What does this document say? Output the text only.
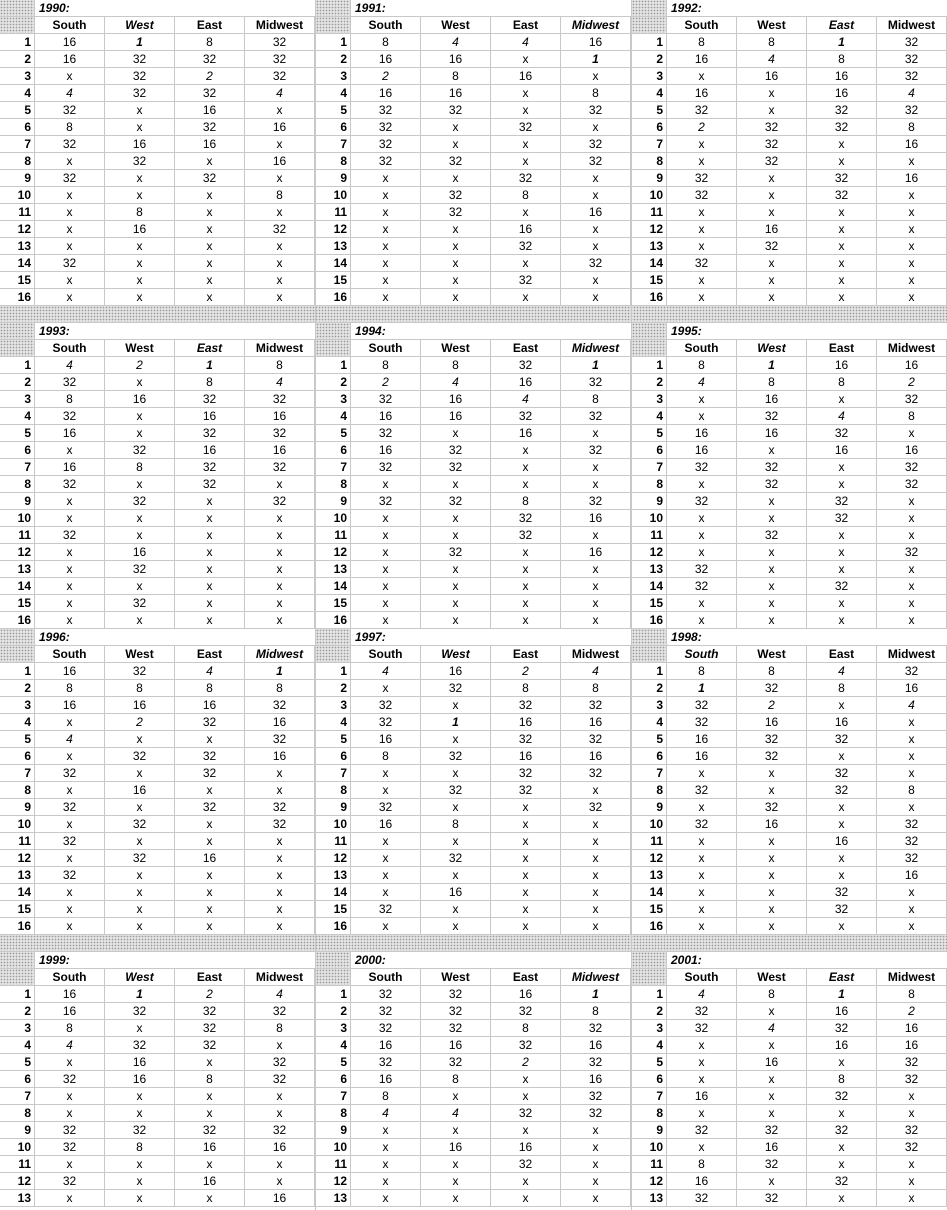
1990:
South	West	East	Midwest
1	16	1	8	32
2	16	32	32	32
3	x	32	2	32
4	4	32	32	4
5	32	x	16	x
6	8	x	32	16
7	32	16	16	x
8	x	32	x	16
9	32	x	32	x
10	x	x	x	8
11	x	8	x	x
12	x	16	x	32
13	x	x	x	x
14	32	x	x	x
15	x	x	x	x
16	x	x	x	x
1991:
South	West	East	Midwest
1	8	4	4	16
2	16	16	x	1
3	2	8	16	x
4	16	16	x	8
5	32	32	x	32
6	32	x	32	x
7	32	x	x	32
8	32	32	x	32
9	x	x	32	x
10	x	32	8	x
11	x	32	x	16
12	x	x	16	x
13	x	x	32	x
14	x	x	x	32
15	x	x	32	x
16	x	x	x	x
1992:
South	West	East	Midwest
1	8	8	1	32
2	16	4	8	32
3	x	16	16	32
4	16	x	16	4
5	32	x	32	32
6	2	32	32	8
7	x	32	x	16
8	x	32	x	x
9	32	x	32	16
10	32	x	32	x
11	x	x	x	x
12	x	16	x	x
13	x	32	x	x
14	32	x	x	x
15	x	x	x	x
16	x	x	x	x
1993:
South	West	East	Midwest
1	4	2	1	8
2	32	x	8	4
3	8	16	32	32
4	32	x	16	16
5	16	x	32	32
6	x	32	16	16
7	16	8	32	32
8	32	x	32	x
9	x	32	x	32
10	x	x	x	x
11	32	x	x	x
12	x	16	x	x
13	x	32	x	x
14	x	x	x	x
15	x	32	x	x
16	x	x	x	x
1994:
South	West	East	Midwest
1	8	8	32	1
2	2	4	16	32
3	32	16	4	8
4	16	16	32	32
5	32	x	16	x
6	16	32	x	32
7	32	32	x	x
8	x	x	x	x
9	32	32	8	32
10	x	x	32	16
11	x	x	32	x
12	x	32	x	16
13	x	x	x	x
14	x	x	x	x
15	x	x	x	x
16	x	x	x	x
1995:
South	West	East	Midwest
1	8	1	16	16
2	4	8	8	2
3	x	16	x	32
4	x	32	4	8
5	16	16	32	x
6	16	x	16	16
7	32	32	x	32
8	x	32	x	32
9	32	x	32	x
10	x	x	32	x
11	x	32	x	x
12	x	x	x	32
13	32	x	x	x
14	32	x	32	x
15	x	x	x	x
16	x	x	x	x
1996:
South	West	East	Midwest
1	16	32	4	1
2	8	8	8	8
3	16	16	16	32
4	x	2	32	16
5	4	x	x	32
6	x	32	32	16
7	32	x	32	x
8	x	16	x	x
9	32	x	32	32
10	x	32	x	32
11	32	x	x	x
12	x	32	16	x
13	32	x	x	x
14	x	x	x	x
15	x	x	x	x
16	x	x	x	x
1997:
South	West	East	Midwest
1	4	16	2	4
2	x	32	8	8
3	32	x	32	32
4	32	1	16	16
5	16	x	32	32
6	8	32	16	16
7	x	x	32	32
8	x	32	32	x
9	32	x	x	32
10	16	8	x	x
11	x	x	x	x
12	x	32	x	x
13	x	x	x	x
14	x	16	x	x
15	32	x	x	x
16	x	x	x	x
1998:
South	West	East	Midwest
1	8	8	4	32
2	1	32	8	16
3	32	2	x	4
4	32	16	16	x
5	16	32	32	x
6	16	32	x	x
7	x	x	32	x
8	32	x	32	8
9	x	32	x	x
10	32	16	x	32
11	x	x	16	32
12	x	x	x	32
13	x	x	x	16
14	x	x	32	x
15	x	x	32	x
16	x	x	x	x
1999:
South	West	East	Midwest
1	16	1	2	4
2	16	32	32	32
3	8	x	32	8
4	4	32	32	x
5	x	16	x	32
6	32	16	8	32
7	x	x	x	x
8	x	x	x	x
9	32	32	32	32
10	32	8	16	16
11	x	x	x	x
12	32	x	16	x
13	x	x	x	16
2000:
South	West	East	Midwest
1	32	32	16	1
2	32	32	32	8
3	32	32	8	32
4	16	16	32	16
5	32	32	2	32
6	16	8	x	16
7	8	x	x	32
8	4	4	32	32
9	x	x	x	x
10	x	16	16	x
11	x	x	32	x
12	x	x	x	x
13	x	x	x	x
2001:
South	West	East	Midwest
1	4	8	1	8
2	32	x	16	2
3	32	4	32	16
4	x	x	16	16
5	x	16	x	32
6	x	x	8	32
7	16	x	32	x
8	x	x	x	x
9	32	32	32	32
10	x	16	x	32
11	8	32	x	x
12	16	x	32	x
13	32	32	x	x
